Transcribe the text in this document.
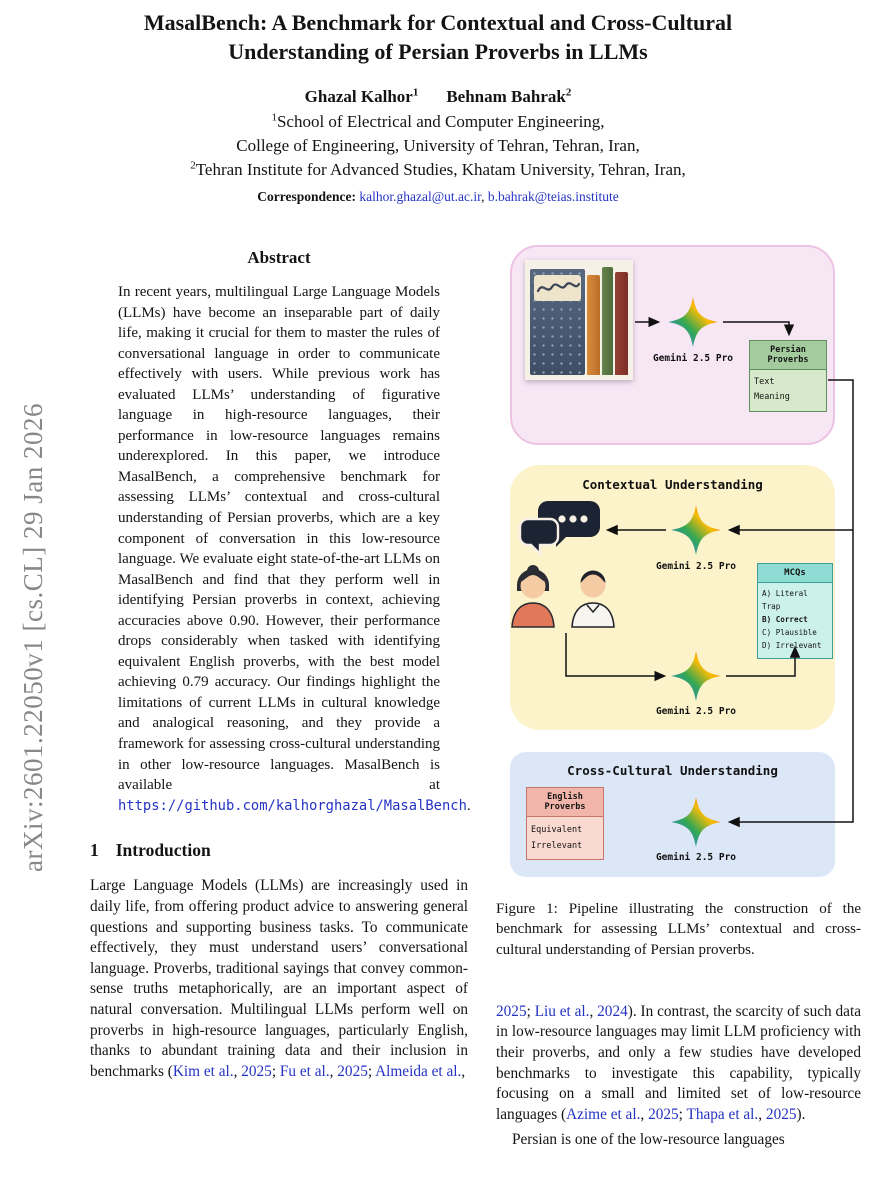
arXiv:2601.22050v1 [cs.CL] 29 Jan 2026
MasalBench: A Benchmark for Contextual and Cross-Cultural
Understanding of Persian Proverbs in LLMs
Ghazal Kalhor$^1$ Behnam Bahrak$^2$
$^1$School of Electrical and Computer Engineering,
College of Engineering, University of Tehran, Tehran, Iran,
$^2$Tehran Institute for Advanced Studies, Khatam University, Tehran, Iran,
Correspondence: kalhor.ghazal@ut.ac.ir, b.bahrak@teias.institute
Abstract

In recent years, multilingual Large Language Models (LLMs) have become an inseparable part of daily life, making it crucial for them to master the rules of conversational language in order to communicate effectively with users. While previous work has evaluated LLMs’ understanding of figurative language in high-resource languages, their performance in low-resource languages remains underexplored. In this paper, we introduce MasalBench, a comprehensive benchmark for assessing LLMs’ contextual and cross-cultural understanding of Persian proverbs, which are a key component of conversation in this low-resource language. We evaluate eight state-of-the-art LLMs on MasalBench and find that they perform well in identifying Persian proverbs in context, achieving accuracies above 0.90. However, their performance drops considerably when tasked with identifying equivalent English proverbs, with the best model achieving 0.79 accuracy. Our findings highlight the limitations of current LLMs in cultural knowledge and analogical reasoning, and they provide a framework for assessing cross-cultural understanding in other low-resource languages. MasalBench is available at https://github.com/kalhorghazal/MasalBench.

1 Introduction

Large Language Models (LLMs) are increasingly used in daily life, from offering product advice to answering general questions and supporting business tasks. To communicate effectively, they must understand users’ conversational language. Proverbs, traditional sayings that convey common-sense truths metaphorically, are an important aspect of natural conversation. Multilingual LLMs perform well on proverbs in high-resource languages, particularly English, thanks to abundant training data and their inclusion in benchmarks (Kim et al., 2025; Fu et al., 2025; Almeida et al.,

Contextual Understanding
Cross-Cultural Understanding
Gemini 2.5 Pro
Gemini 2.5 Pro
Gemini 2.5 Pro
Gemini 2.5 Pro
Persian Proverbs
Text
Meaning
MCQs
A) Literal Trap
B) Correct
C) Plausible
D) Irrelevant
English Proverbs
Equivalent
Irrelevant

Figure 1: Pipeline illustrating the construction of the benchmark for assessing LLMs’ contextual and cross-cultural understanding of Persian proverbs.

2025; Liu et al., 2024). In contrast, the scarcity of such data in low-resource languages may limit LLM proficiency with their proverbs, and only a few studies have developed benchmarks to investigate this capability, typically focusing on a small and limited set of low-resource languages (Azime et al., 2025; Thapa et al., 2025).

Persian is one of the low-resource languages
